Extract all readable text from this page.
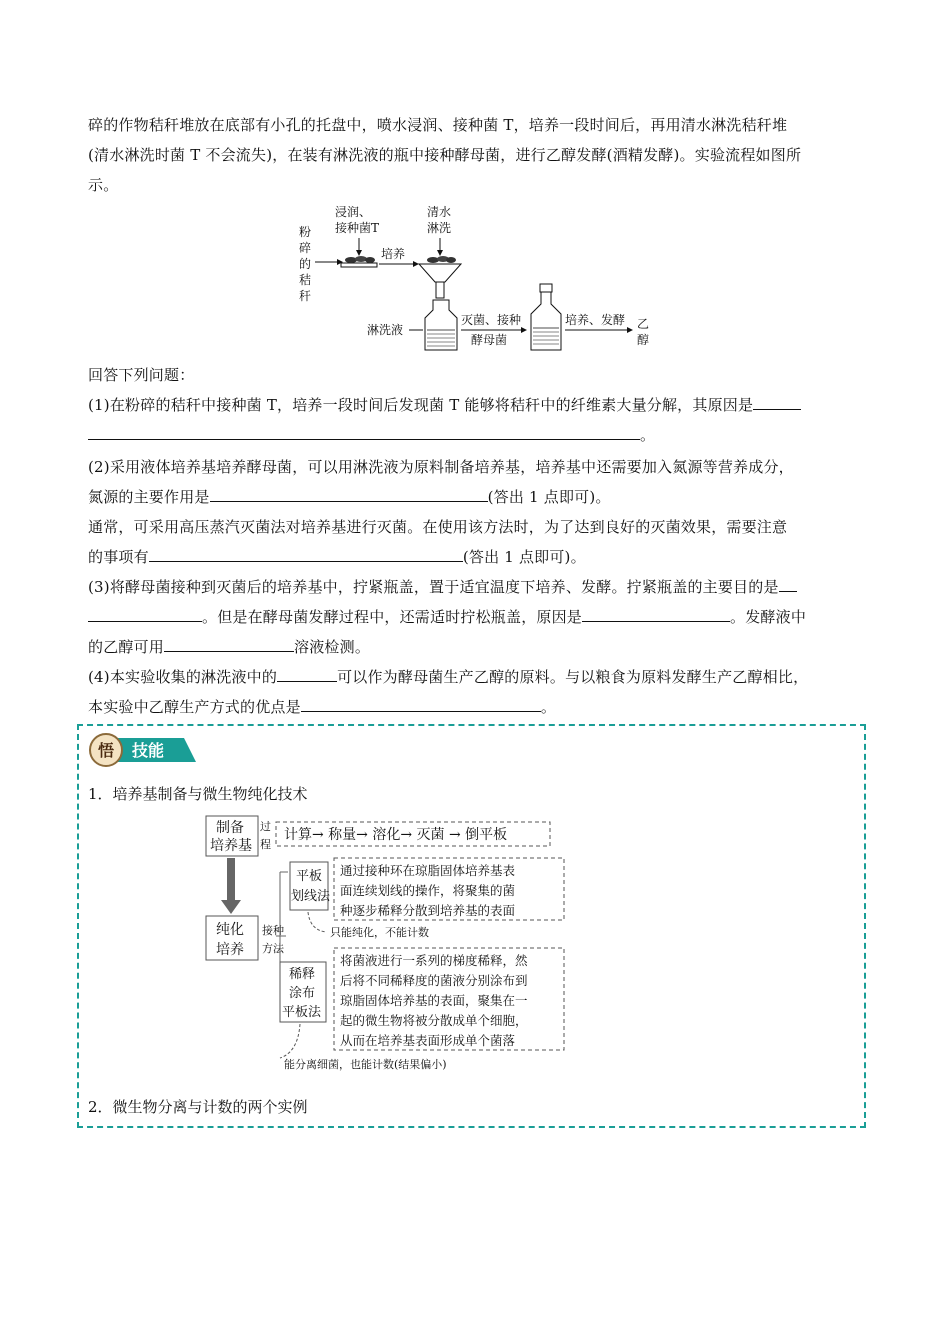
碎的作物秸秆堆放在底部有小孔的托盘中，喷水浸润、接种菌 T，培养一段时间后，再用清水淋洗秸秆堆
(清水淋洗时菌 T 不会流失)，在装有淋洗液的瓶中接种酵母菌，进行乙醇发酵(酒精发酵)。实验流程如图所
示。
粉
碎
的
秸
秆
浸润、
接种菌T
培养
清水
淋洗
淋洗液
灭菌、接种
酵母菌
培养、发酵 乙
醇
回答下列问题：
(1)在粉碎的秸秆中接种菌 T，培养一段时间后发现菌 T 能够将秸秆中的纤维素大量分解，其原因是
。
(2)采用液体培养基培养酵母菌，可以用淋洗液为原料制备培养基，培养基中还需要加入氮源等营养成分，
氮源的主要作用是	(答出 1 点即可)。
通常，可采用高压蒸汽灭菌法对培养基进行灭菌。在使用该方法时，为了达到良好的灭菌效果，需要注意
的事项有	(答出 1 点即可)。
(3)将酵母菌接种到灭菌后的培养基中，拧紧瓶盖，置于适宜温度下培养、发酵。拧紧瓶盖的主要目的是
。但是在酵母菌发酵过程中，还需适时拧松瓶盖，原因是	。发酵液中
的乙醇可用	溶液检测。
(4)本实验收集的淋洗液中的	可以作为酵母菌生产乙醇的原料。与以粮食为原料发酵生产乙醇相比，
本实验中乙醇生产方式的优点是	。
悟 技能
1．培养基制备与微生物纯化技术
制备
培养基
过
程
计算→ 称量→ 溶化→ 灭菌 → 倒平板
纯化
培养
接种
方法
平板
划线法
通过接种环在琼脂固体培养基表
面连续划线的操作，将聚集的菌
种逐步稀释分散到培养基的表面
只能纯化，不能计数
稀释
涂布
平板法
将菌液进行一系列的梯度稀释，然
后将不同稀释度的菌液分别涂布到
琼脂固体培养基的表面，聚集在一
起的微生物将被分散成单个细胞，
从而在培养基表面形成单个菌落
能分离细菌，也能计数(结果偏小)
2．微生物分离与计数的两个实例
